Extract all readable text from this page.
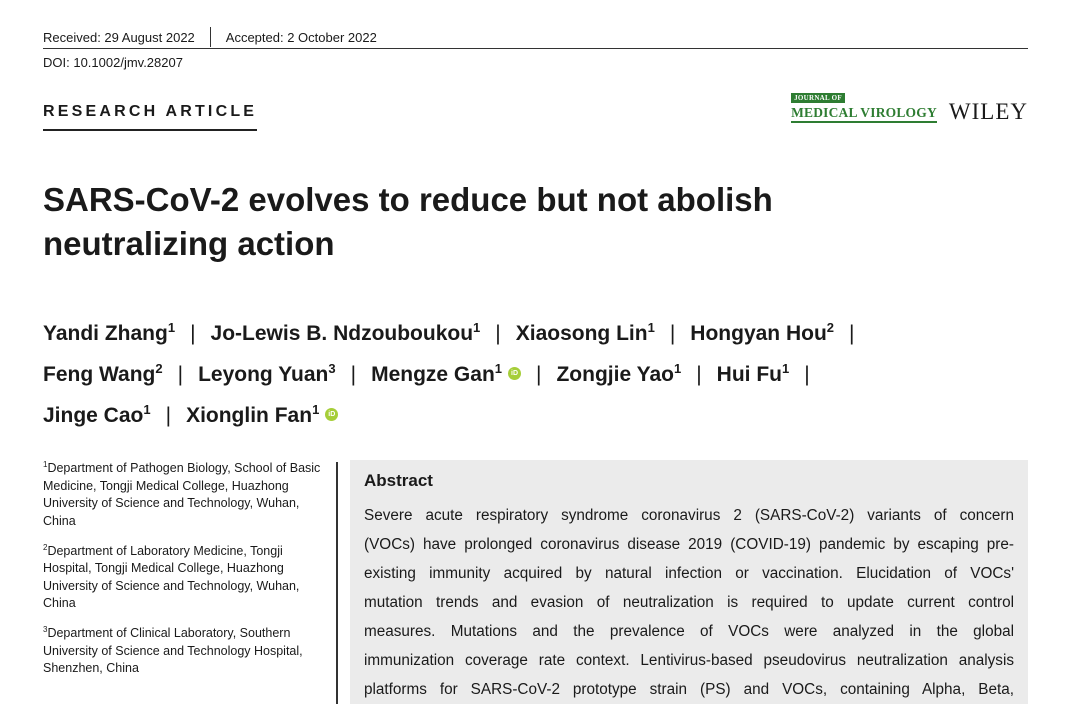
Received: 29 August 2022 Accepted: 2 October 2022
DOI: 10.1002/jmv.28207
RESEARCH ARTICLE
JOURNAL OF
MEDICAL VIROLOGY WILEY
SARS-CoV-2 evolves to reduce but not abolish
neutralizing action
Yandi Zhang$^1$ | Jo-Lewis B. Ndzouboukou$^1$ | Xiaosong Lin$^1$ | Hongyan Hou$^2$ |
Feng Wang$^2$ | Leyong Yuan$^3$ | Mengze Gan$^1$ iD | Zongjie Yao$^1$ | Hui Fu$^1$ |
Jinge Cao$^1$ | Xionglin Fan$^1$ iD
$^1$Department of Pathogen Biology, School of Basic Medicine, Tongji Medical College, Huazhong University of Science and Technology, Wuhan, China
$^2$Department of Laboratory Medicine, Tongji Hospital, Tongji Medical College, Huazhong University of Science and Technology, Wuhan, China
$^3$Department of Clinical Laboratory, Southern University of Science and Technology Hospital, Shenzhen, China
Abstract
Severe acute respiratory syndrome coronavirus 2 (SARS-CoV-2) variants of concern
(VOCs) have prolonged coronavirus disease 2019 (COVID-19) pandemic by escaping pre-
existing immunity acquired by natural infection or vaccination. Elucidation of VOCs'
mutation trends and evasion of neutralization is required to update current control
measures. Mutations and the prevalence of VOCs were analyzed in the global
immunization coverage rate context. Lentivirus-based pseudovirus neutralization analysis
platforms for SARS-CoV-2 prototype strain (PS) and VOCs, containing Alpha, Beta,
